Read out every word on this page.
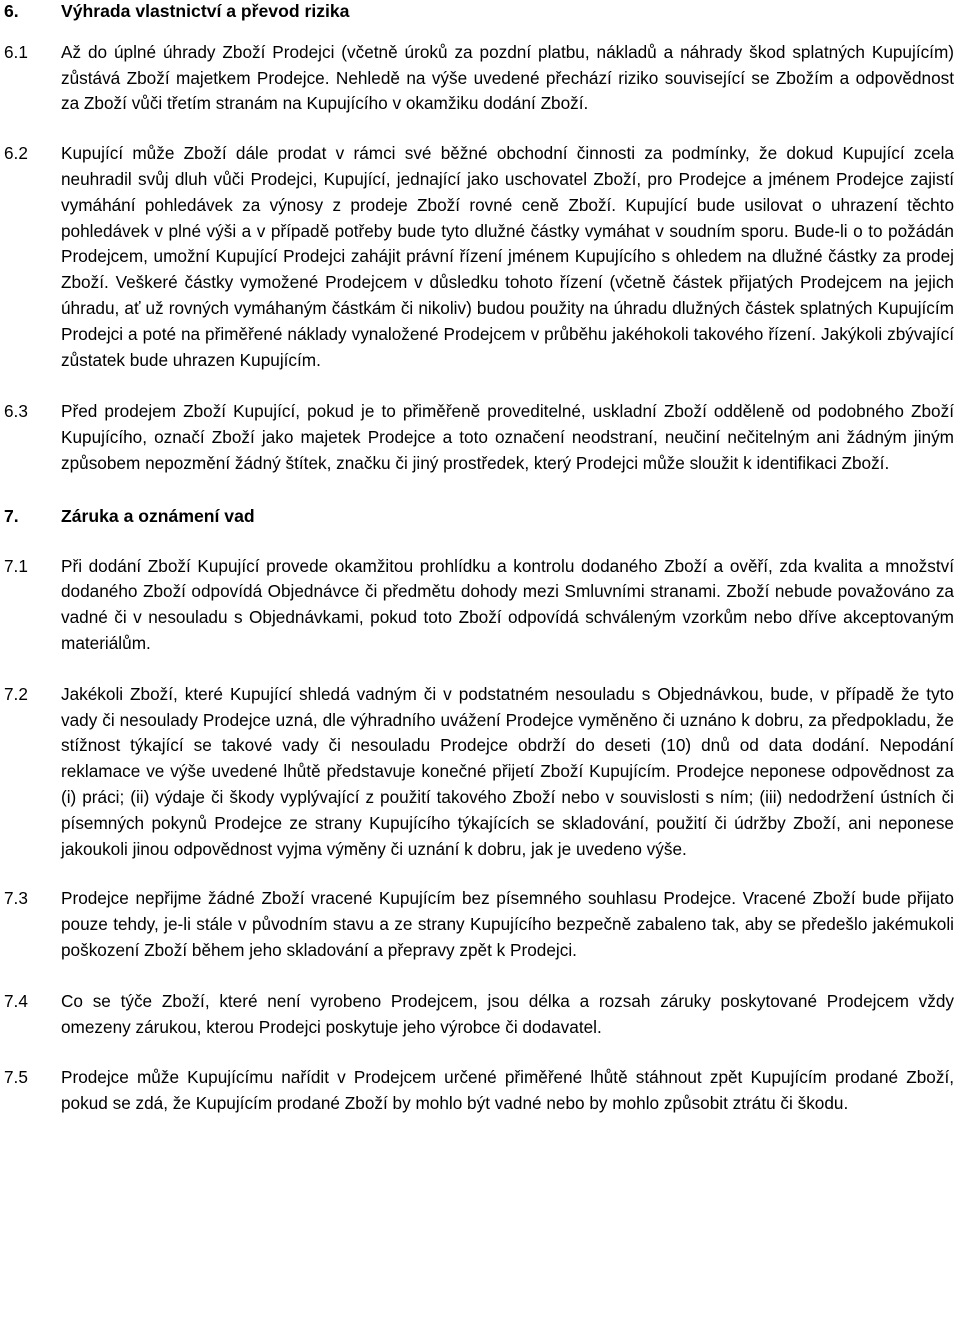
6.	Výhrada vlastnictví a převod rizika
6.1	Až do úplné úhrady Zboží Prodejci (včetně úroků za pozdní platbu, nákladů a náhrady škod splatných Kupujícím) zůstává Zboží majetkem Prodejce. Nehledě na výše uvedené přechází riziko související se Zbožím a odpovědnost za Zboží vůči třetím stranám na Kupujícího v okamžiku dodání Zboží.
6.2	Kupující může Zboží dále prodat v rámci své běžné obchodní činnosti za podmínky, že dokud Kupující zcela neuhradil svůj dluh vůči Prodejci, Kupující, jednající jako uschovatel Zboží, pro Prodejce a jménem Prodejce zajistí vymáhání pohledávek za výnosy z prodeje Zboží rovné ceně Zboží. Kupující bude usilovat o uhrazení těchto pohledávek v plné výši a v případě potřeby bude tyto dlužné částky vymáhat v soudním sporu. Bude-li o to požádán Prodejcem, umožní Kupující Prodejci zahájit právní řízení jménem Kupujícího s ohledem na dlužné částky za prodej Zboží. Veškeré částky vymožené Prodejcem v důsledku tohoto řízení (včetně částek přijatých Prodejcem na jejich úhradu, ať už rovných vymáhaným částkám či nikoliv) budou použity na úhradu dlužných částek splatných Kupujícím Prodejci a poté na přiměřené náklady vynaložené Prodejcem v průběhu jakéhokoli takového řízení. Jakýkoli zbývající zůstatek bude uhrazen Kupujícím.
6.3	Před prodejem Zboží Kupující, pokud je to přiměřeně proveditelné, uskladní Zboží odděleně od podobného Zboží Kupujícího, označí Zboží jako majetek Prodejce a toto označení neodstraní, neučiní nečitelným ani žádným jiným způsobem nepozmění žádný štítek, značku či jiný prostředek, který Prodejci může sloužit k identifikaci Zboží.
7.	Záruka a oznámení vad
7.1	Při dodání Zboží Kupující provede okamžitou prohlídku a kontrolu dodaného Zboží a ověří, zda kvalita a množství dodaného Zboží odpovídá Objednávce či předmětu dohody mezi Smluvními stranami. Zboží nebude považováno za vadné či v nesouladu s Objednávkami, pokud toto Zboží odpovídá schváleným vzorkům nebo dříve akceptovaným materiálům.
7.2	Jakékoli Zboží, které Kupující shledá vadným či v podstatném nesouladu s Objednávkou, bude, v případě že tyto vady či nesoulady Prodejce uzná, dle výhradního uvážení Prodejce vyměněno či uznáno k dobru, za předpokladu, že stížnost týkající se takové vady či nesouladu Prodejce obdrží do deseti (10) dnů od data dodání. Nepodání reklamace ve výše uvedené lhůtě představuje konečné přijetí Zboží Kupujícím. Prodejce neponese odpovědnost za (i) práci; (ii) výdaje či škody vyplývající z použití takového Zboží nebo v souvislosti s ním; (iii) nedodržení ústních či písemných pokynů Prodejce ze strany Kupujícího týkajících se skladování, použití či údržby Zboží, ani neponese jakoukoli jinou odpovědnost vyjma výměny či uznání k dobru, jak je uvedeno výše.
7.3	Prodejce nepřijme žádné Zboží vracené Kupujícím bez písemného souhlasu Prodejce. Vracené Zboží bude přijato pouze tehdy, je-li stále v původním stavu a ze strany Kupujícího bezpečně zabaleno tak, aby se předešlo jakémukoli poškození Zboží během jeho skladování a přepravy zpět k Prodejci.
7.4	Co se týče Zboží, které není vyrobeno Prodejcem, jsou délka a rozsah záruky poskytované Prodejcem vždy omezeny zárukou, kterou Prodejci poskytuje jeho výrobce či dodavatel.
7.5	Prodejce může Kupujícímu nařídit v Prodejcem určené přiměřené lhůtě stáhnout zpět Kupujícím prodané Zboží, pokud se zdá, že Kupujícím prodané Zboží by mohlo být vadné nebo by mohlo způsobit ztrátu či škodu.
